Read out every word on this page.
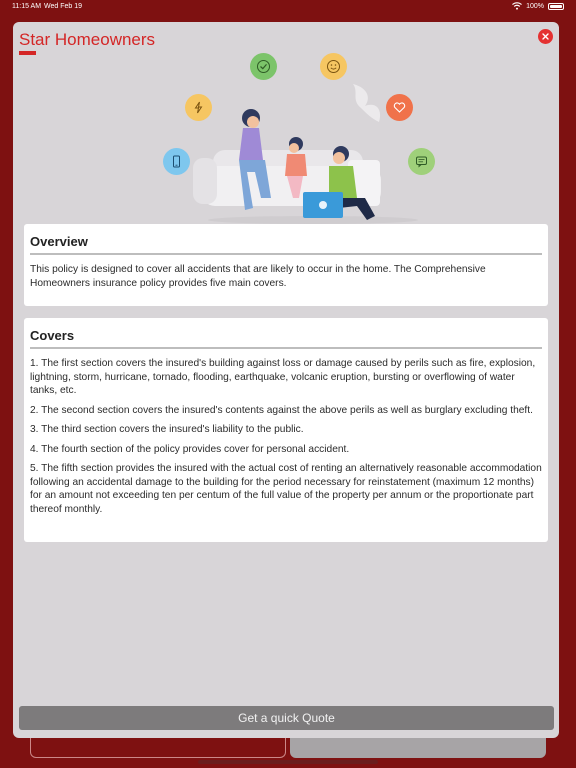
11:15 AM Wed Feb 19	100%
Star Homeowners
Overview

This policy is designed to cover all accidents that are likely to occur in the home. The Comprehensive Homeowners insurance policy provides five main covers.

Covers

1. The first section covers the insured's building against loss or damage caused by perils such as fire, explosion, lightning, storm, hurricane, tornado, flooding, earthquake, volcanic eruption, bursting or overflowing of water tanks, etc.

2. The second section covers the insured's contents against the above perils as well as burglary excluding theft.

3. The third section covers the insured's liability to the public.

4. The fourth section of the policy provides cover for personal accident.

5. The fifth section provides the insured with the actual cost of renting an alternatively reasonable accommodation following an accidental damage to the building for the period necessary for reinstatement (maximum 12 months) for an amount not exceeding ten per centum of the full value of the property per annum or the proportionate part thereof monthly.

Get a quick Quote
